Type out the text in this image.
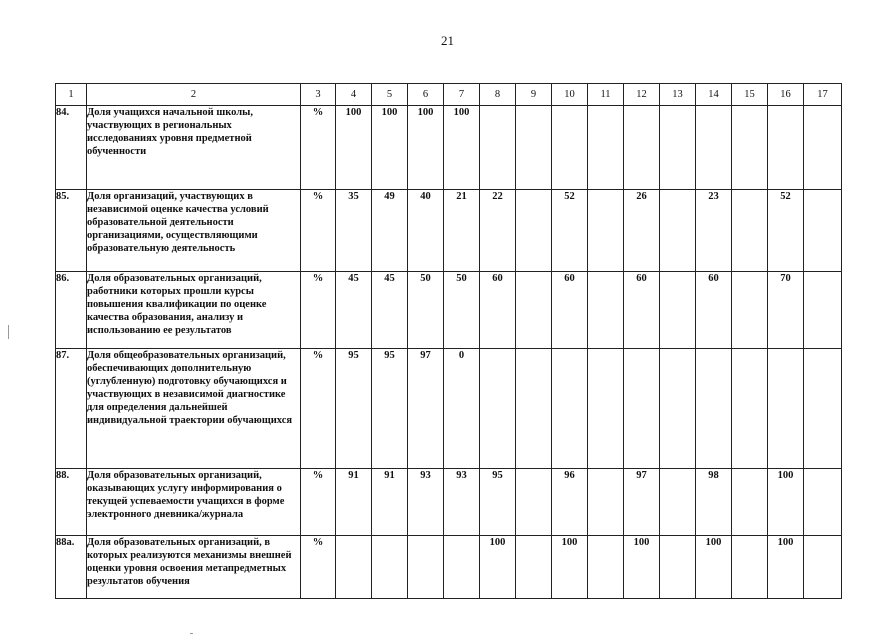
21
1	2	3	4	5	6	7	8	9	10	11	12	13	14	15	16	17
84.	Доля учащихся начальной школы, участвующих в региональных исследованиях уровня предметной обученности	%	100	100	100	100										
85.	Доля организаций, участвующих в независимой оценке качества условий образовательной деятельности организациями, осуществляющими образовательную деятельность	%	35	49	40	21	22		52		26		23		52	
86.	Доля образовательных организаций, работники которых прошли курсы повышения квалификации по оценке качества образования, анализу и использованию ее результатов	%	45	45	50	50	60		60		60		60		70	
87.	Доля общеобразовательных организаций, обеспечивающих дополнительную (углубленную) подготовку обучающихся и участвующих в независимой диагностике для определения дальнейшей индивидуальной траектории обучающихся	%	95	95	97	0										
88.	Доля образовательных организаций, оказывающих услугу информирования о текущей успеваемости учащихся в форме электронного дневника/журнала	%	91	91	93	93	95		96		97		98		100	
88a.	Доля образовательных организаций, в которых реализуются механизмы внешней оценки уровня освоения метапредметных результатов обучения	%					100		100		100		100		100	
